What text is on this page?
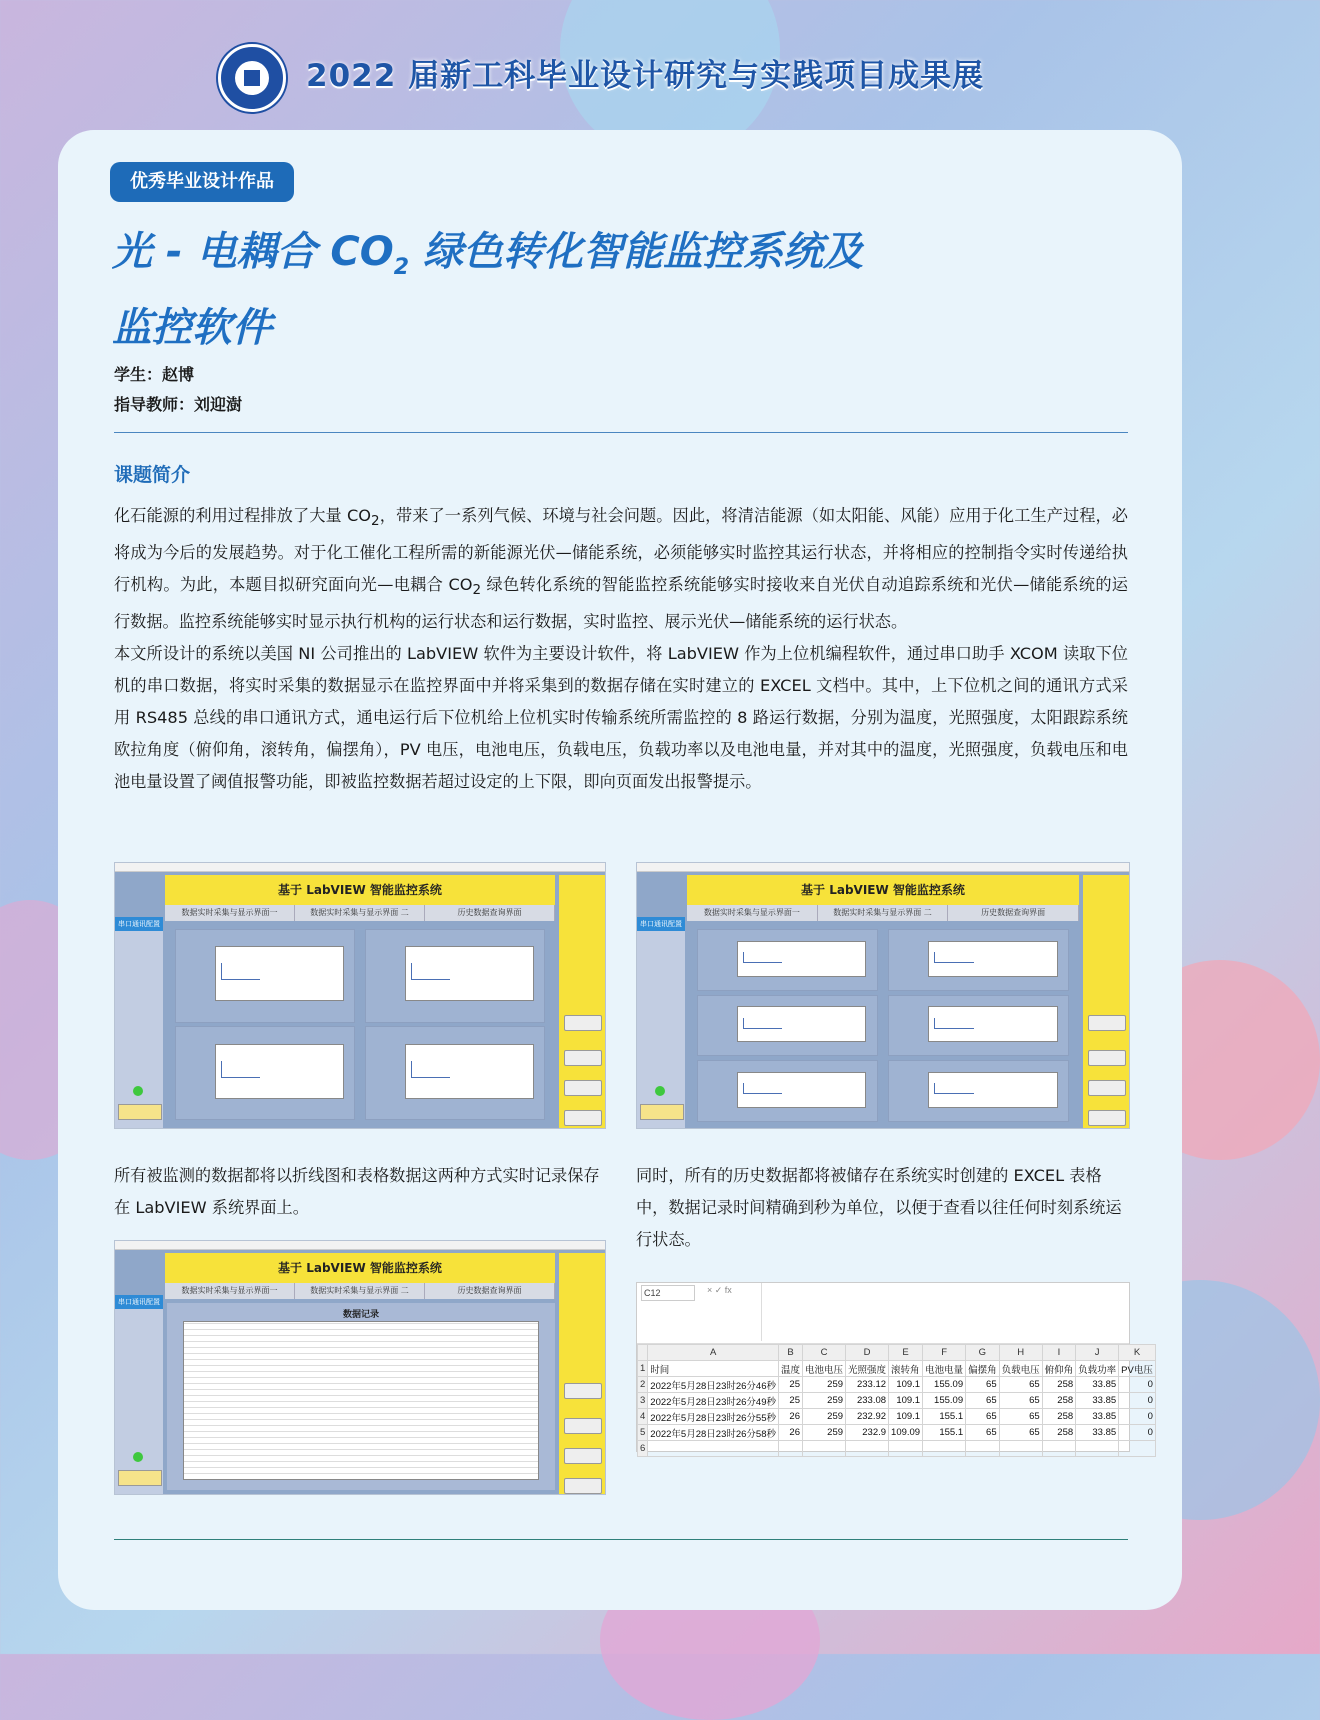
2022 届新工科毕业设计研究与实践项目成果展
优秀毕业设计作品
光 - 电耦合 $CO_2$ 绿色转化智能监控系统及
监控软件
学生：赵博
指导教师：刘迎澍
课题简介

化石能源的利用过程排放了大量 $CO_2$，带来了一系列气候、环境与社会问题。因此，将清洁能源（如太阳能、风能）应用于化工生产过程，必将成为今后的发展趋势。对于化工催化工程所需的新能源光伏—储能系统，必须能够实时监控其运行状态，并将相应的控制指令实时传递给执行机构。为此，本题目拟研究面向光—电耦合 $CO_2$ 绿色转化系统的智能监控系统能够实时接收来自光伏自动追踪系统和光伏—储能系统的运行数据。监控系统能够实时显示执行机构的运行状态和运行数据，实时监控、展示光伏—储能系统的运行状态。

本文所设计的系统以美国 NI 公司推出的 LabVIEW 软件为主要设计软件，将 LabVIEW 作为上位机编程软件，通过串口助手 XCOM 读取下位机的串口数据，将实时采集的数据显示在监控界面中并将采集到的数据存储在实时建立的 EXCEL 文档中。其中，上下位机之间的通讯方式采用 RS485 总线的串口通讯方式，通电运行后下位机给上位机实时传输系统所需监控的 8 路运行数据，分别为温度，光照强度，太阳跟踪系统欧拉角度（俯仰角，滚转角，偏摆角），PV 电压，电池电压，负载电压，负载功率以及电池电量，并对其中的温度，光照强度，负载电压和电池电量设置了阈值报警功能，即被监控数据若超过设定的上下限，即向页面发出报警提示。

基于 LabVIEW 智能监控系统
数据实时采集与显示界面一	数据实时采集与显示界面 二	历史数据查询界面
串口通讯配置
基于 LabVIEW 智能监控系统
数据实时采集与显示界面一	数据实时采集与显示界面 二	历史数据查询界面
串口通讯配置
所有被监测的数据都将以折线图和表格数据这两种方式实时记录保存在 LabVIEW 系统界面上。
同时，所有的历史数据都将被储存在系统实时创建的 EXCEL 表格中，数据记录时间精确到秒为单位，以便于查看以往任何时刻系统运行状态。
基于 LabVIEW 智能监控系统
数据实时采集与显示界面一	数据实时采集与显示界面 二	历史数据查询界面
串口通讯配置
数据记录
C12	× ✓ fx
	A	B	C	D	E	F	G	H	I	J	K
1	时间	温度	电池电压	光照强度	滚转角	电池电量	偏摆角	负载电压	俯仰角	负载功率	PV电压
2	2022年5月28日23时26分46秒	25	259	233.12	109.1	155.09	65	65	258	33.85	0
3	2022年5月28日23时26分49秒	25	259	233.08	109.1	155.09	65	65	258	33.85	0
4	2022年5月28日23时26分55秒	26	259	232.92	109.1	155.1	65	65	258	33.85	0
5	2022年5月28日23时26分58秒	26	259	232.9	109.09	155.1	65	65	258	33.85	0
6											
